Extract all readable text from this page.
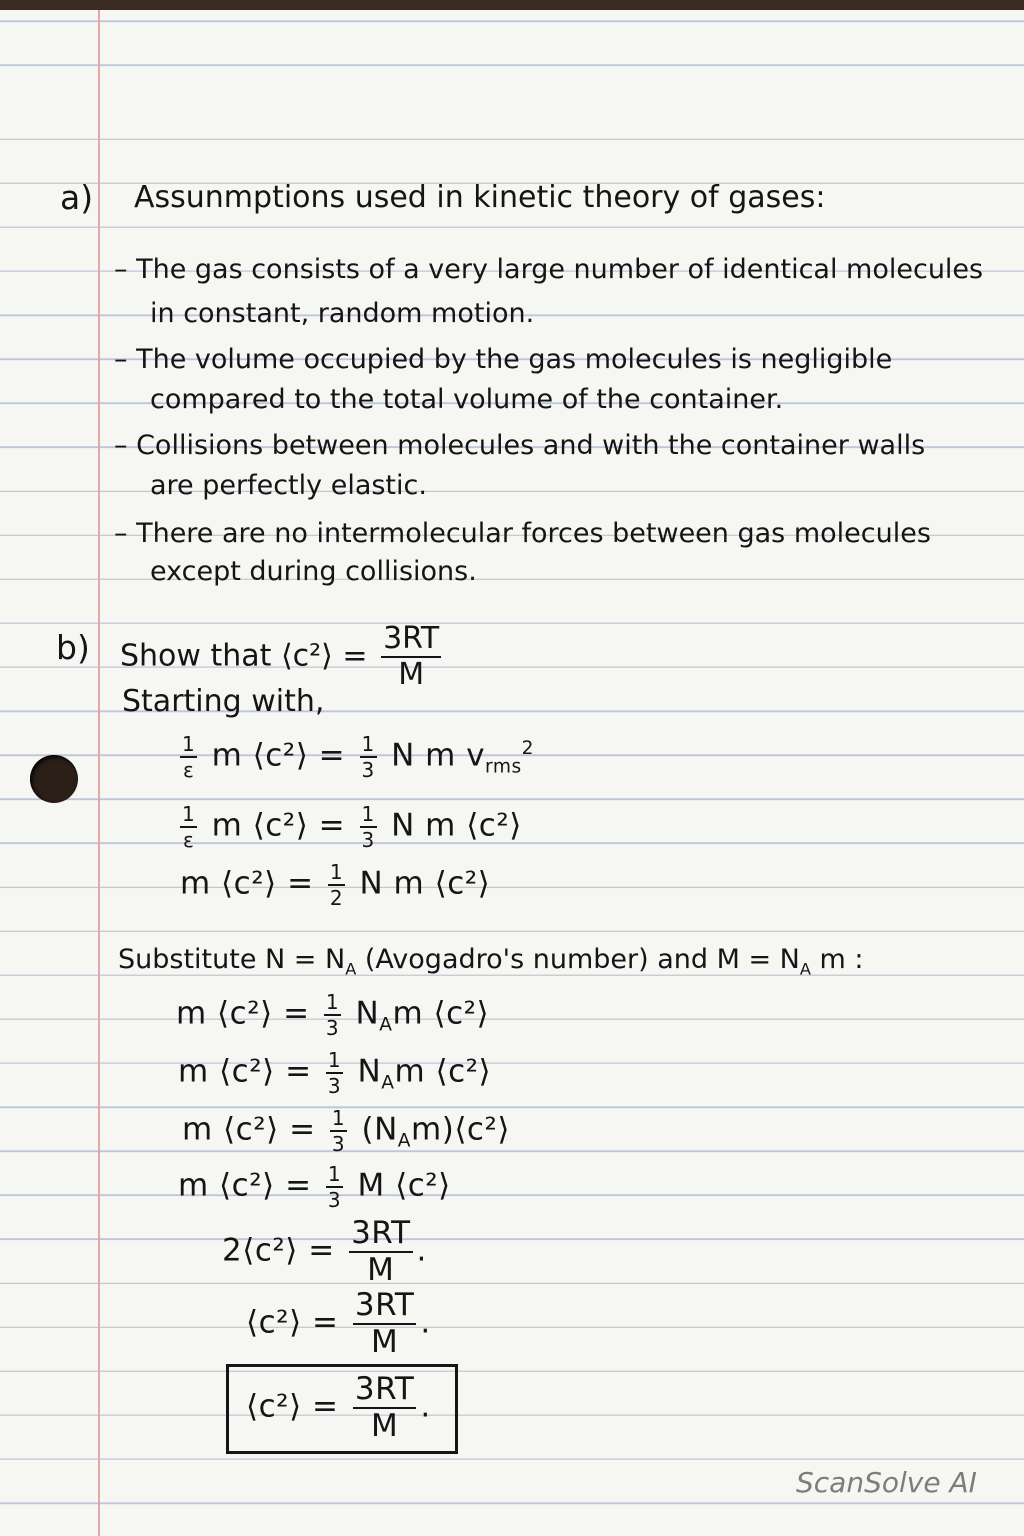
a) Assunmptions used in kinetic theory of gases:
– The gas consists of a very large number of identical molecules
in constant, random motion.
– The volume occupied by the gas molecules is negligible
compared to the total volume of the container.
– Collisions between molecules and with the container walls
are perfectly elastic.
– There are no intermolecular forces between gas molecules
except during collisions.
b) Show that ⟨c²⟩ = $\frac{3RT}{M}$
Starting with,
$\frac{1}{\varepsilon}$ m ⟨c²⟩ = $\frac{1}{3}$ N m $v_{rms}^2$
$\frac{1}{\varepsilon}$ m ⟨c²⟩ = $\frac{1}{3}$ N m ⟨c²⟩
m ⟨c²⟩ = $\frac{1}{2}$ N m ⟨c²⟩
Substitute $N = N_A$ (Avogadro's number) and $M = N_A$ m :
m ⟨c²⟩ = $\frac{1}{3} N_Am$ ⟨c²⟩
m ⟨c²⟩ = $\frac{1}{3} N_Am$ ⟨c²⟩
m ⟨c²⟩ = $\frac{1}{3}$ $(N_Am)⟨c^2⟩$
m ⟨c²⟩ = $\frac{1}{3}$ M ⟨c²⟩
2⟨c²⟩ = $\frac{3RT}{M}$ .
⟨c²⟩ = $\frac{3RT}{M}$ .
⟨c²⟩ = $\frac{3RT}{M}$ .
ScanSolve AI
